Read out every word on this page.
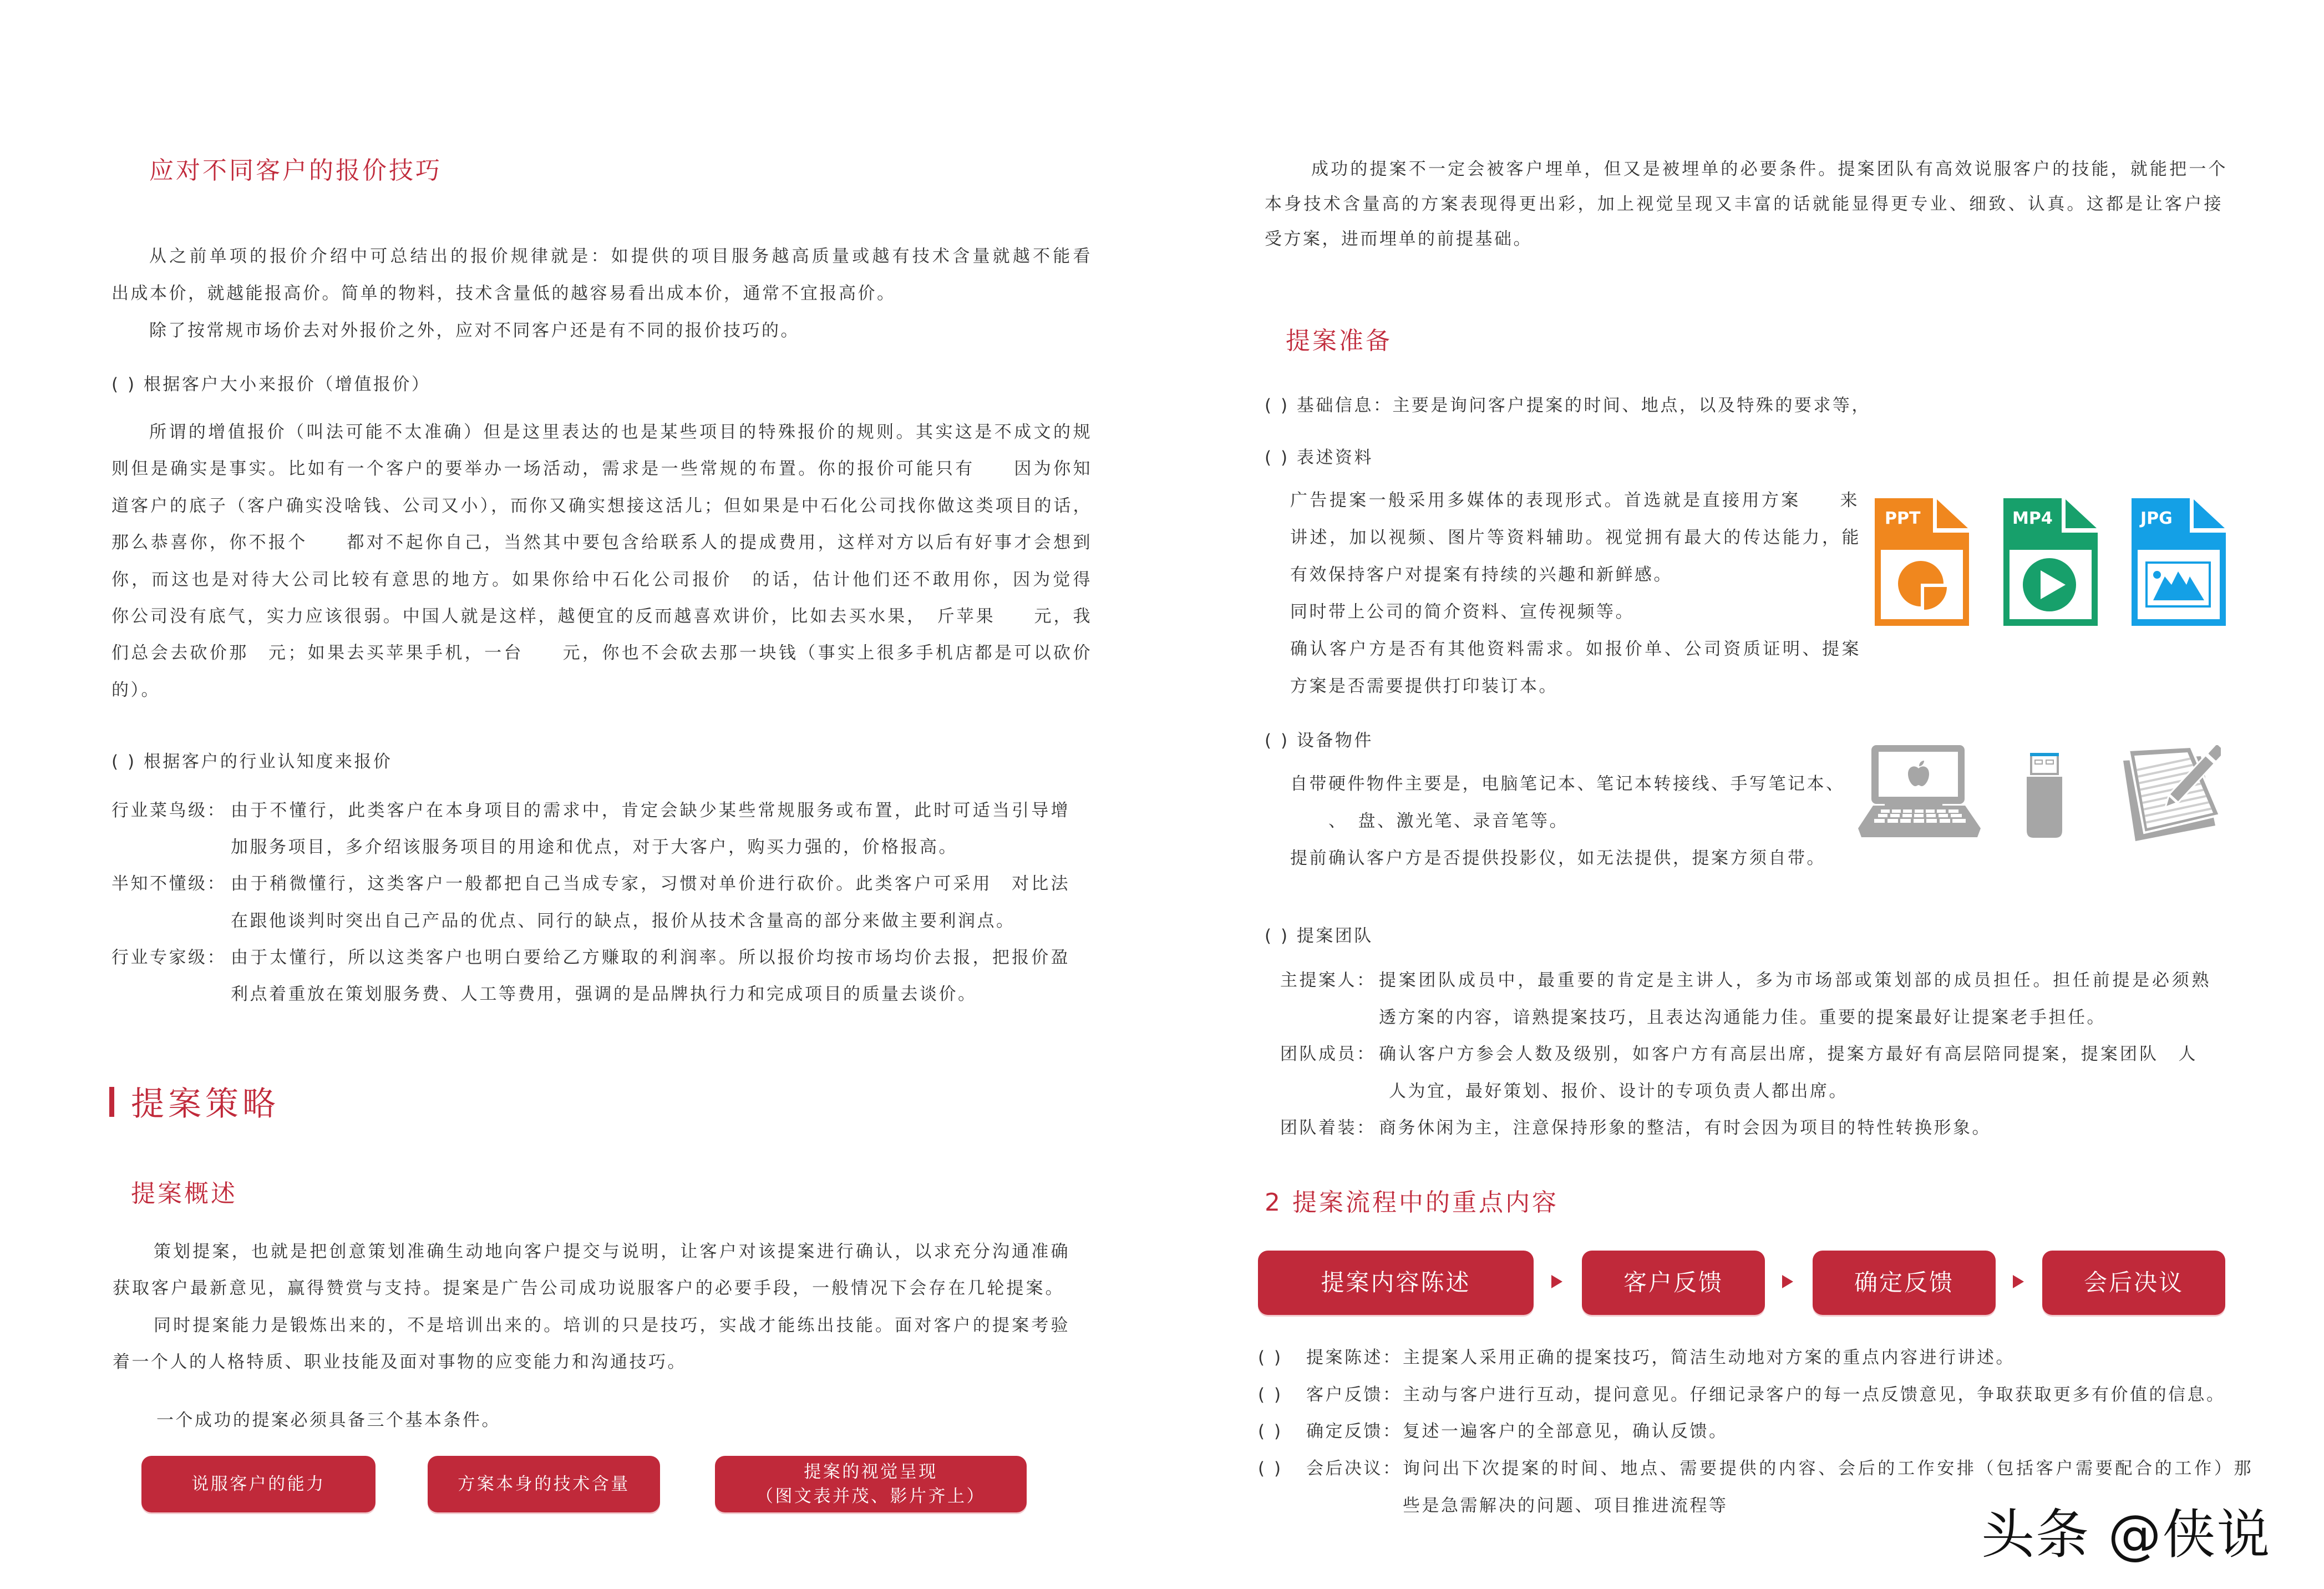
应对不同客户的报价技巧
从之前单项的报价介绍中可总结出的报价规律就是：如提供的项目服务越高质量或越有技术含量就越不能看
出成本价，就越能报高价。简单的物料，技术含量低的越容易看出成本价，通常不宜报高价。
除了按常规市场价去对外报价之外，应对不同客户还是有不同的报价技巧的。
( ) 根据客户大小来报价（增值报价）
所谓的增值报价（叫法可能不太准确）但是这里表达的也是某些项目的特殊报价的规则。其实这是不成文的规
则但是确实是事实。比如有一个客户的要举办一场活动，需求是一些常规的布置。你的报价可能只有　　因为你知
道客户的底子（客户确实没啥钱、公司又小），而你又确实想接这活儿；但如果是中石化公司找你做这类项目的话，
那么恭喜你，你不报个　　都对不起你自己，当然其中要包含给联系人的提成费用，这样对方以后有好事才会想到
你，而这也是对待大公司比较有意思的地方。如果你给中石化公司报价　的话，估计他们还不敢用你，因为觉得
你公司没有底气，实力应该很弱。中国人就是这样，越便宜的反而越喜欢讲价，比如去买水果，　斤苹果　　元，我
们总会去砍价那　元；如果去买苹果手机，一台　　元，你也不会砍去那一块钱（事实上很多手机店都是可以砍价
的）。
( ) 根据客户的行业认知度来报价
行业菜鸟级： 由于不懂行，此类客户在本身项目的需求中，肯定会缺少某些常规服务或布置，此时可适当引导增
加服务项目，多介绍该服务项目的用途和优点，对于大客户，购买力强的，价格报高。
半知不懂级： 由于稍微懂行，这类客户一般都把自己当成专家，习惯对单价进行砍价。此类客户可采用　对比法
在跟他谈判时突出自己产品的优点、同行的缺点，报价从技术含量高的部分来做主要利润点。
行业专家级： 由于太懂行，所以这类客户也明白要给乙方赚取的利润率。所以报价均按市场均价去报，把报价盈
利点着重放在策划服务费、人工等费用，强调的是品牌执行力和完成项目的质量去谈价。
提案策略
提案概述
策划提案，也就是把创意策划准确生动地向客户提交与说明，让客户对该提案进行确认，以求充分沟通准确
获取客户最新意见，赢得赞赏与支持。提案是广告公司成功说服客户的必要手段，一般情况下会存在几轮提案。
同时提案能力是锻炼出来的，不是培训出来的。培训的只是技巧，实战才能练出技能。面对客户的提案考验
着一个人的人格特质、职业技能及面对事物的应变能力和沟通技巧。
一个成功的提案必须具备三个基本条件。
说服客户的能力	方案本身的技术含量
提案的视觉呈现
（图文表并茂、影片齐上）
成功的提案不一定会被客户埋单，但又是被埋单的必要条件。提案团队有高效说服客户的技能，就能把一个
本身技术含量高的方案表现得更出彩，加上视觉呈现又丰富的话就能显得更专业、细致、认真。这都是让客户接
受方案，进而埋单的前提基础。
提案准备
( ) 基础信息：主要是询问客户提案的时间、地点，以及特殊的要求等，
( ) 表述资料
广告提案一般采用多媒体的表现形式。首选就是直接用方案　　来
讲述，加以视频、图片等资料辅助。视觉拥有最大的传达能力，能
有效保持客户对提案有持续的兴趣和新鲜感。
同时带上公司的简介资料、宣传视频等。
确认客户方是否有其他资料需求。如报价单、公司资质证明、提案
方案是否需要提供打印装订本。
PPT	MP4	JPG
( ) 设备物件
自带硬件物件主要是，电脑笔记本、笔记本转接线、手写笔记本、
　　、　盘、激光笔、录音笔等。
提前确认客户方是否提供投影仪，如无法提供，提案方须自带。
( ) 提案团队
主提案人： 提案团队成员中，最重要的肯定是主讲人，多为市场部或策划部的成员担任。担任前提是必须熟
透方案的内容，谙熟提案技巧，且表达沟通能力佳。重要的提案最好让提案老手担任。
团队成员： 确认客户方参会人数及级别，如客户方有高层出席，提案方最好有高层陪同提案，提案团队　人
人为宜，最好策划、报价、设计的专项负责人都出席。
团队着装： 商务休闲为主，注意保持形象的整洁，有时会因为项目的特性转换形象。
2 提案流程中的重点内容
提案内容陈述	客户反馈	确定反馈	会后决议
( )	提案陈述： 主提案人采用正确的提案技巧，简洁生动地对方案的重点内容进行讲述。
( )	客户反馈： 主动与客户进行互动，提问意见。仔细记录客户的每一点反馈意见，争取获取更多有价值的信息。
( )	确定反馈： 复述一遍客户的全部意见，确认反馈。
( )	会后决议： 询问出下次提案的时间、地点、需要提供的内容、会后的工作安排（包括客户需要配合的工作）那
些是急需解决的问题、项目推进流程等	头条 @侠说
